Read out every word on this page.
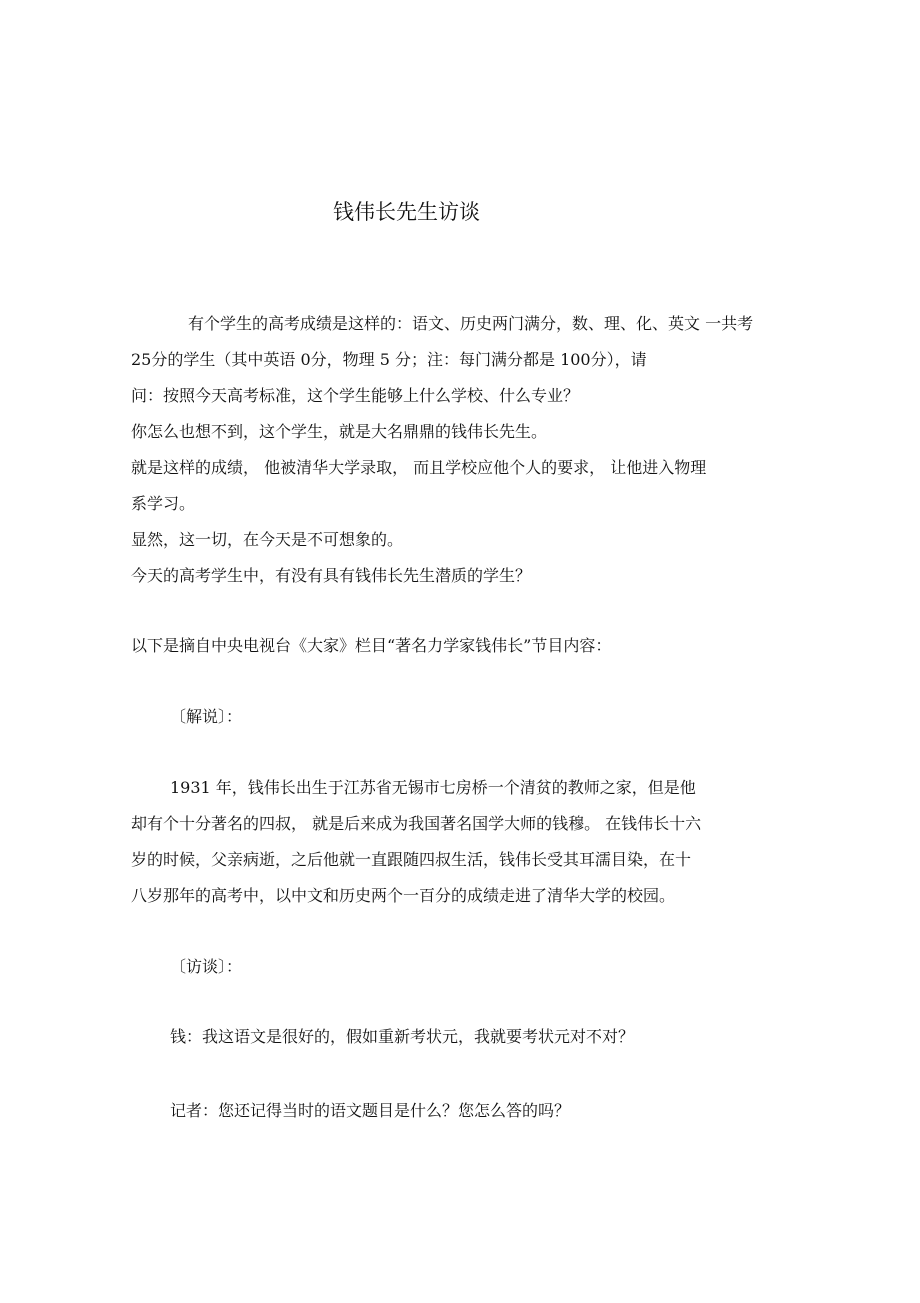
钱伟长先生访谈

有个学生的高考成绩是这样的：语文、历史两门满分，数、理、化、英文 一共考

25分的学生（其中英语 0分，物理 5 分；注：每门满分都是 100分），请

问：按照今天高考标准，这个学生能够上什么学校、什么专业？

你怎么也想不到，这个学生，就是大名鼎鼎的钱伟长先生。

就是这样的成绩， 他被清华大学录取， 而且学校应他个人的要求， 让他进入物理

系学习。

显然，这一切，在今天是不可想象的。

今天的高考学生中，有没有具有钱伟长先生潜质的学生？

以下是摘自中央电视台《大家》栏目“著名力学家钱伟长”节目内容：

〔解说〕：

1931 年，钱伟长出生于江苏省无锡市七房桥一个清贫的教师之家，但是他

却有个十分著名的四叔， 就是后来成为我国著名国学大师的钱穆。 在钱伟长十六

岁的时候，父亲病逝，之后他就一直跟随四叔生活，钱伟长受其耳濡目染，在十

八岁那年的高考中，以中文和历史两个一百分的成绩走进了清华大学的校园。

〔访谈〕：

钱：我这语文是很好的，假如重新考状元，我就要考状元对不对？

记者：您还记得当时的语文题目是什么？您怎么答的吗？
